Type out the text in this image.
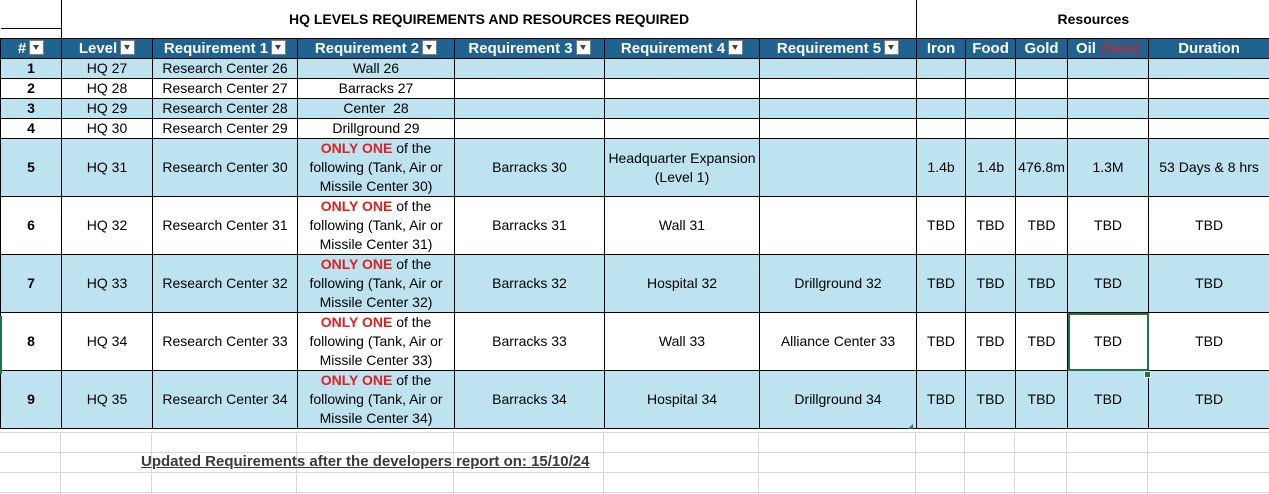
	HQ LEVELS REQUIREMENTS AND RESOURCES REQUIRED						Resources				
#	Level	Requirement 1	Requirement 2	Requirement 3	Requirement 4	Requirement 5	Iron	Food	Gold	Oil (New)	Duration
1	HQ 27	Research Center 26	Wall 26								
2	HQ 28	Research Center 27	Barracks 27								
3	HQ 29	Research Center 28	Center  28								
4	HQ 30	Research Center 29	Drillground 29								
5	HQ 31	Research Center 30	ONLY ONE of the following (Tank, Air or Missile Center 30)	Barracks 30	Headquarter Expansion (Level 1)		1.4b	1.4b	476.8m	1.3M	53 Days & 8 hrs
6	HQ 32	Research Center 31	ONLY ONE of the following (Tank, Air or Missile Center 31)	Barracks 31	Wall 31		TBD	TBD	TBD	TBD	TBD
7	HQ 33	Research Center 32	ONLY ONE of the following (Tank, Air or Missile Center 32)	Barracks 32	Hospital 32	Drillground 32	TBD	TBD	TBD	TBD	TBD
8	HQ 34	Research Center 33	ONLY ONE of the following (Tank, Air or Missile Center 33)	Barracks 33	Wall 33	Alliance Center 33	TBD	TBD	TBD	TBD	TBD
9	HQ 35	Research Center 34	ONLY ONE of the following (Tank, Air or Missile Center 34)	Barracks 34	Hospital 34	Drillground 34	TBD	TBD	TBD	TBD	TBD
Updated Requirements after the developers report on: 15/10/24
